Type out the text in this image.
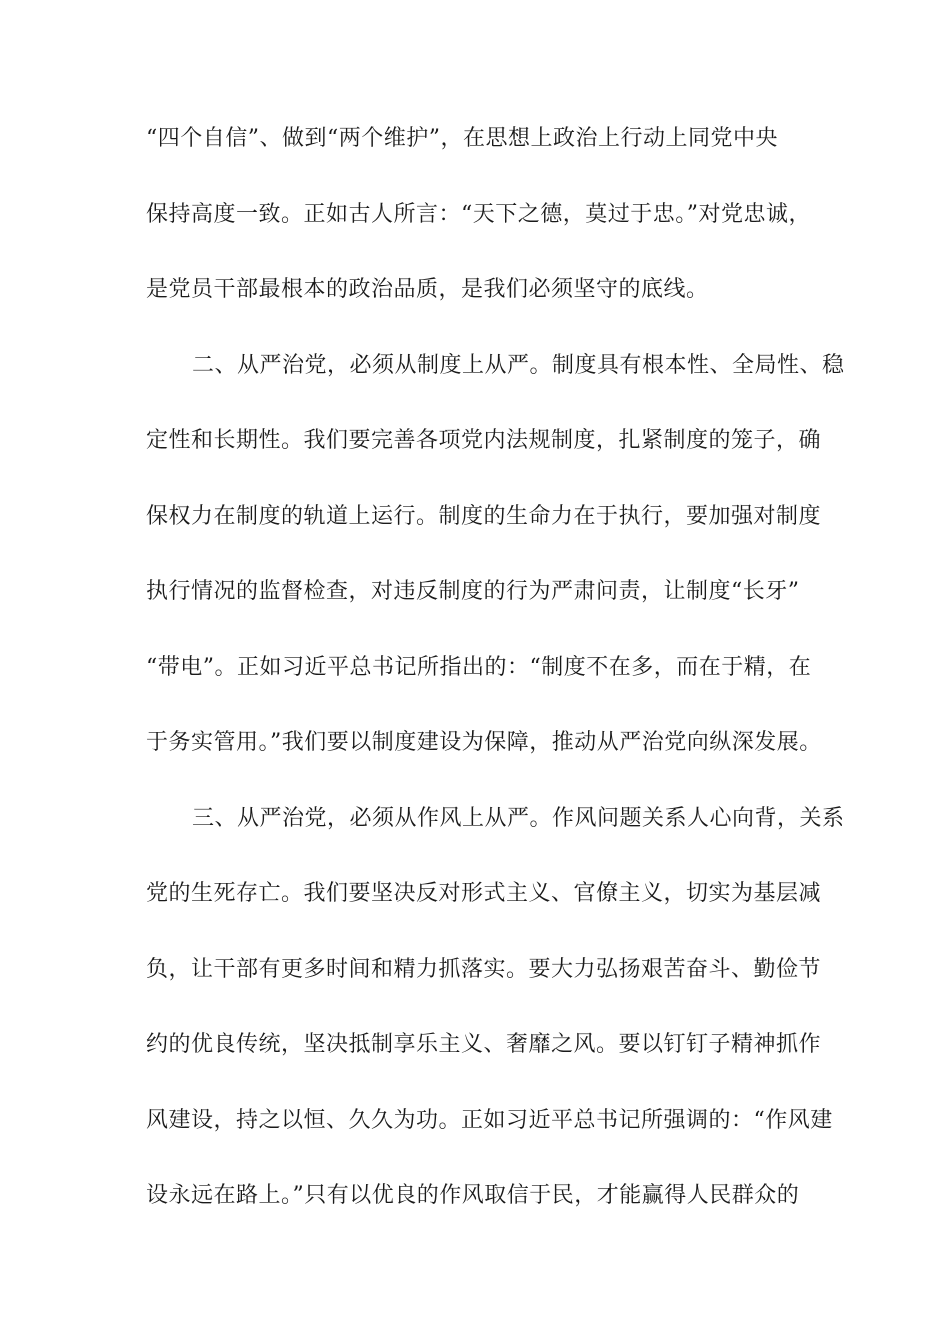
“四个自信”、做到“两个维护”，在思想上政治上行动上同党中央
保持高度一致。正如古人所言：“天下之德，莫过于忠。”对党忠诚，
是党员干部最根本的政治品质，是我们必须坚守的底线。
二、从严治党，必须从制度上从严。制度具有根本性、全局性、稳
定性和长期性。我们要完善各项党内法规制度，扎紧制度的笼子，确
保权力在制度的轨道上运行。制度的生命力在于执行，要加强对制度
执行情况的监督检查，对违反制度的行为严肃问责，让制度“长牙”
“带电”。正如习近平总书记所指出的：“制度不在多，而在于精，在
于务实管用。”我们要以制度建设为保障，推动从严治党向纵深发展。
三、从严治党，必须从作风上从严。作风问题关系人心向背，关系
党的生死存亡。我们要坚决反对形式主义、官僚主义，切实为基层减
负，让干部有更多时间和精力抓落实。要大力弘扬艰苦奋斗、勤俭节
约的优良传统，坚决抵制享乐主义、奢靡之风。要以钉钉子精神抓作
风建设，持之以恒、久久为功。正如习近平总书记所强调的：“作风建
设永远在路上。”只有以优良的作风取信于民，才能赢得人民群众的
